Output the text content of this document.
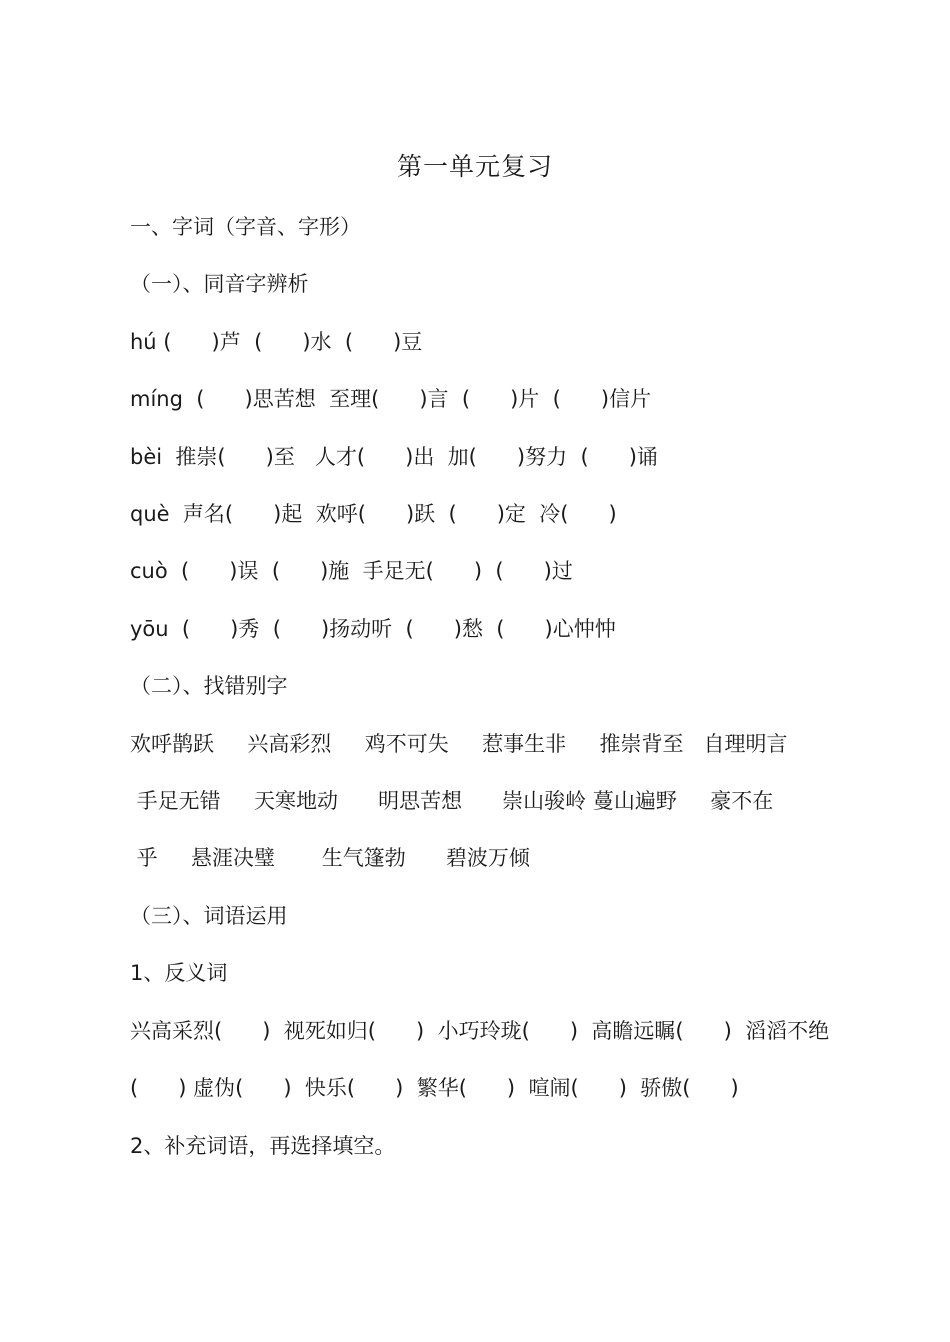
第一单元复习
一、字词（字音、字形）
（一）、同音字辨析
hú (      )芦  (      )水  (      )豆
míng  (      )思苦想  至理(      )言  (      )片  (      )信片
bèi  推崇(      )至   人才(      )出  加(      )努力  (      )诵
què  声名(      )起  欢呼(      )跃  (      )定  冷(      )
cuò  (      )误  (      )施  手足无(      )  (      )过
yōu  (      )秀  (      )扬动听  (      )愁  (      )心忡忡
（二）、找错别字
欢呼鹊跃     兴高彩烈     鸡不可失     惹事生非     推崇背至   自理明言
手足无错     天寒地动      明思苦想      崇山骏岭 蔓山遍野     豪不在
乎     悬涯决璧       生气篷勃      碧波万倾
（三）、词语运用
1、反义词
兴高采烈(      )  视死如归(      )  小巧玲珑(      )  高瞻远瞩(      )  滔滔不绝
(      ) 虚伪(      )  快乐(      )  繁华(      )  喧闹(      )  骄傲(      )
2、补充词语，再选择填空。
